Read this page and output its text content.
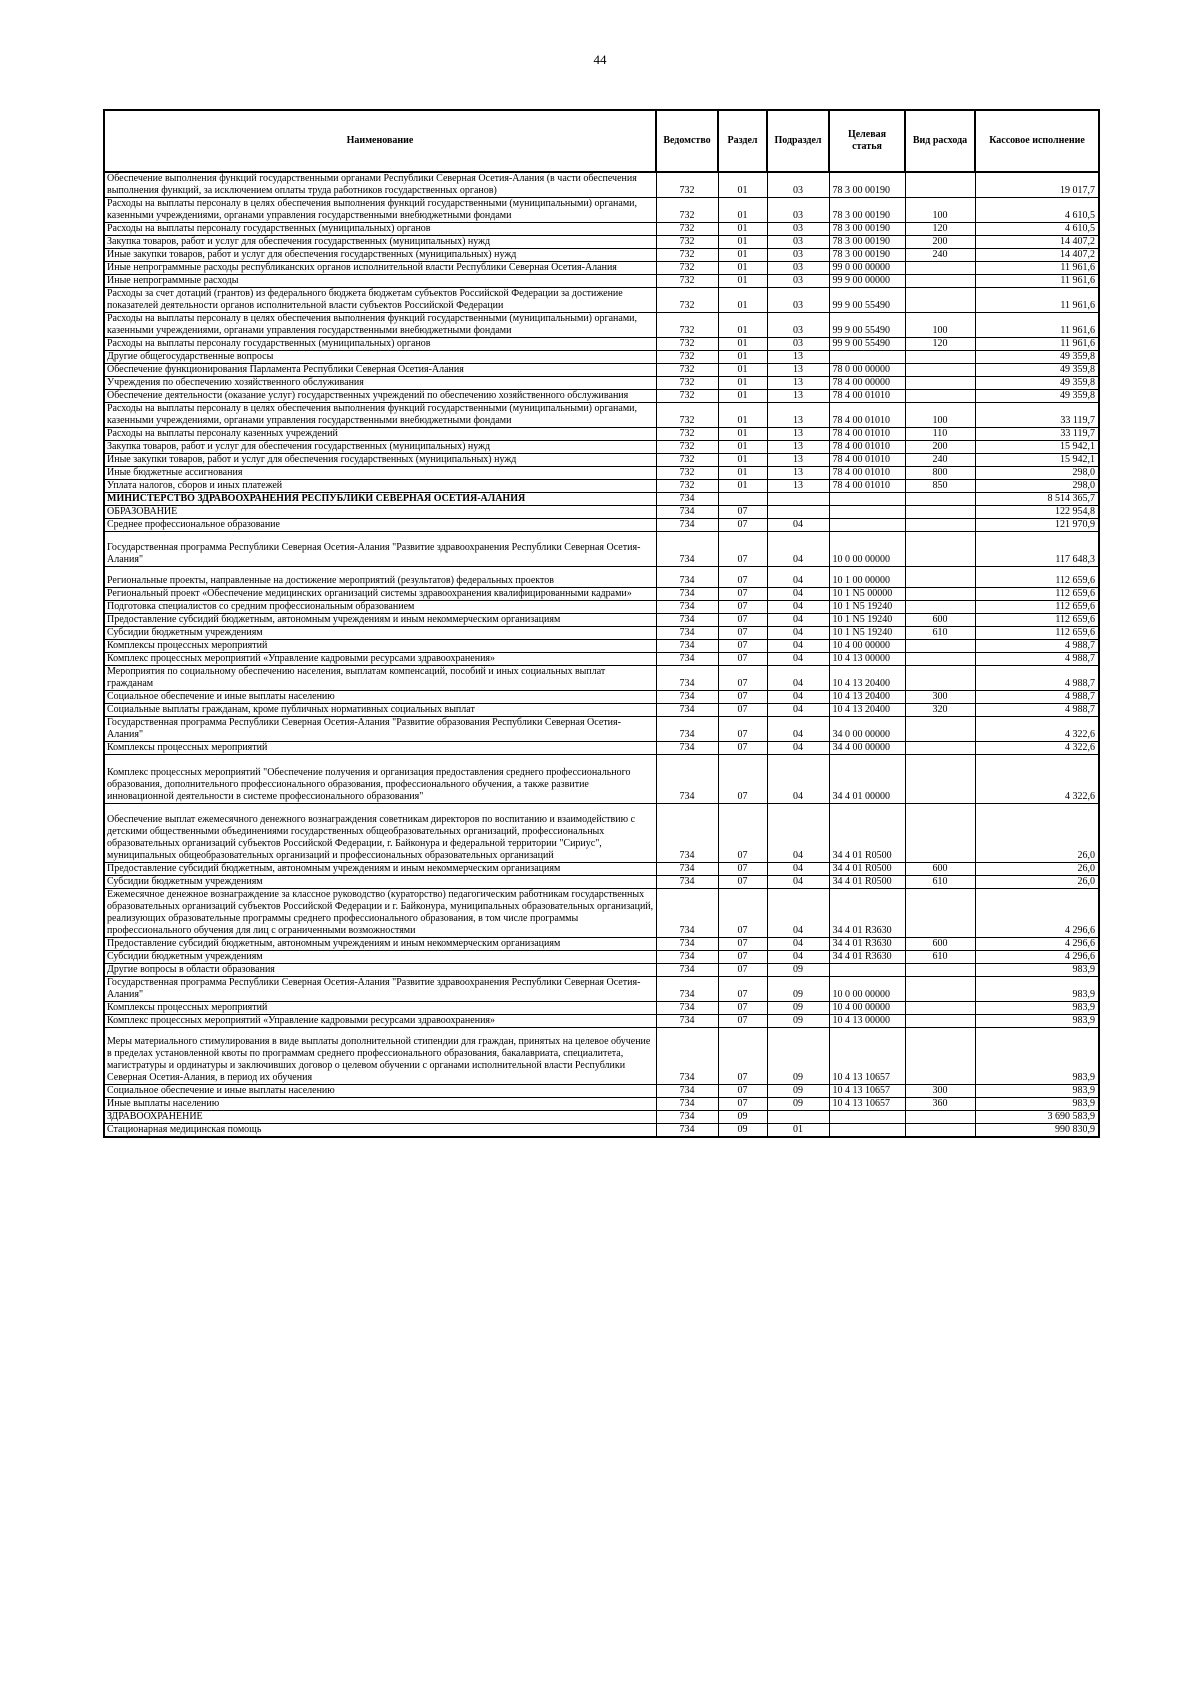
44
Наименование	Ведомство	Раздел	Подраздел	Целевая статья	Вид расхода	Кассовое исполнение
Обеспечение выполнения функций государственными органами Республики Северная Осетия-Алания (в части обеспечения выполнения функций, за исключением оплаты труда работников государственных органов)	732	01	03	78 3 00 00190		19 017,7
Расходы на выплаты персоналу в целях обеспечения выполнения функций государственными (муниципальными) органами, казенными учреждениями, органами управления государственными внебюджетными фондами	732	01	03	78 3 00 00190	100	4 610,5
Расходы на выплаты персоналу государственных (муниципальных) органов	732	01	03	78 3 00 00190	120	4 610,5
Закупка товаров, работ и услуг для обеспечения государственных (муниципальных) нужд	732	01	03	78 3 00 00190	200	14 407,2
Иные закупки товаров, работ и услуг для обеспечения государственных (муниципальных) нужд	732	01	03	78 3 00 00190	240	14 407,2
Иные непрограммные расходы республиканских органов исполнительной власти Республики Северная Осетия-Алания	732	01	03	99 0 00 00000		11 961,6
Иные непрограммные расходы	732	01	03	99 9 00 00000		11 961,6
Расходы за счет дотаций (грантов) из федерального бюджета бюджетам субъектов Российской Федерации за достижение показателей деятельности органов исполнительной власти субъектов Российской Федерации	732	01	03	99 9 00 55490		11 961,6
Расходы на выплаты персоналу в целях обеспечения выполнения функций государственными (муниципальными) органами, казенными учреждениями, органами управления государственными внебюджетными фондами	732	01	03	99 9 00 55490	100	11 961,6
Расходы на выплаты персоналу государственных (муниципальных) органов	732	01	03	99 9 00 55490	120	11 961,6
Другие общегосударственные вопросы	732	01	13			49 359,8
Обеспечение функционирования Парламента Республики Северная Осетия-Алания	732	01	13	78 0 00 00000		49 359,8
Учреждения по обеспечению хозяйственного обслуживания	732	01	13	78 4 00 00000		49 359,8
Обеспечение деятельности (оказание услуг) государственных учреждений по обеспечению хозяйственного обслуживания	732	01	13	78 4 00 01010		49 359,8
Расходы на выплаты персоналу в целях обеспечения выполнения функций государственными (муниципальными) органами, казенными учреждениями, органами управления государственными внебюджетными фондами	732	01	13	78 4 00 01010	100	33 119,7
Расходы на выплаты персоналу казенных учреждений	732	01	13	78 4 00 01010	110	33 119,7
Закупка товаров, работ и услуг для обеспечения государственных (муниципальных) нужд	732	01	13	78 4 00 01010	200	15 942,1
Иные закупки товаров, работ и услуг для обеспечения государственных (муниципальных) нужд	732	01	13	78 4 00 01010	240	15 942,1
Иные бюджетные ассигнования	732	01	13	78 4 00 01010	800	298,0
Уплата налогов, сборов и иных платежей	732	01	13	78 4 00 01010	850	298,0
МИНИСТЕРСТВО ЗДРАВООХРАНЕНИЯ РЕСПУБЛИКИ СЕВЕРНАЯ ОСЕТИЯ-АЛАНИЯ	734					8 514 365,7
ОБРАЗОВАНИЕ	734	07				122 954,8
Среднее профессиональное образование	734	07	04			121 970,9
Государственная программа Республики Северная Осетия-Алания "Развитие здравоохранения Республики Северная Осетия-Алания"	734	07	04	10 0 00 00000		117 648,3
Региональные проекты, направленные на достижение мероприятий (результатов) федеральных проектов	734	07	04	10 1 00 00000		112 659,6
Региональный проект «Обеспечение медицинских организаций системы здравоохранения квалифицированными кадрами»	734	07	04	10 1 N5 00000		112 659,6
Подготовка специалистов со средним профессиональным образованием	734	07	04	10 1 N5 19240		112 659,6
Предоставление субсидий бюджетным, автономным учреждениям и иным некоммерческим организациям	734	07	04	10 1 N5 19240	600	112 659,6
Субсидии бюджетным учреждениям	734	07	04	10 1 N5 19240	610	112 659,6
Комплексы процессных мероприятий	734	07	04	10 4 00 00000		4 988,7
Комплекс процессных мероприятий «Управление кадровыми ресурсами здравоохранения»	734	07	04	10 4 13 00000		4 988,7
Мероприятия по социальному обеспечению населения, выплатам компенсаций, пособий и иных социальных выплат гражданам	734	07	04	10 4 13 20400		4 988,7
Социальное обеспечение и иные выплаты населению	734	07	04	10 4 13 20400	300	4 988,7
Социальные выплаты гражданам, кроме публичных нормативных социальных выплат	734	07	04	10 4 13 20400	320	4 988,7
Государственная программа Республики Северная Осетия-Алания "Развитие образования Республики Северная Осетия-Алания"	734	07	04	34 0 00 00000		4 322,6
Комплексы процессных мероприятий	734	07	04	34 4 00 00000		4 322,6
Комплекс процессных мероприятий "Обеспечение получения и организация предоставления среднего профессионального образования, дополнительного профессионального образования, профессионального обучения, а также развитие инновационной деятельности в системе профессионального образования"	734	07	04	34 4 01 00000		4 322,6
Обеспечение выплат ежемесячного денежного вознаграждения советникам директоров по воспитанию и взаимодействию с детскими общественными объединениями государственных общеобразовательных организаций, профессиональных образовательных организаций субъектов Российской Федерации, г. Байконура и федеральной территории "Сириус", муниципальных общеобразовательных организаций и профессиональных образовательных организаций	734	07	04	34 4 01 R0500		26,0
Предоставление субсидий бюджетным, автономным учреждениям и иным некоммерческим организациям	734	07	04	34 4 01 R0500	600	26,0
Субсидии бюджетным учреждениям	734	07	04	34 4 01 R0500	610	26,0
Ежемесячное денежное вознаграждение за классное руководство (кураторство) педагогическим работникам государственных образовательных организаций субъектов Российской Федерации и г. Байконура, муниципальных образовательных организаций, реализующих образовательные программы среднего профессионального образования, в том числе программы профессионального обучения для лиц с ограниченными возможностями	734	07	04	34 4 01 R3630		4 296,6
Предоставление субсидий бюджетным, автономным учреждениям и иным некоммерческим организациям	734	07	04	34 4 01 R3630	600	4 296,6
Субсидии бюджетным учреждениям	734	07	04	34 4 01 R3630	610	4 296,6
Другие вопросы в области образования	734	07	09			983,9
Государственная программа Республики Северная Осетия-Алания "Развитие здравоохранения Республики Северная Осетия-Алания"	734	07	09	10 0 00 00000		983,9
Комплексы процессных мероприятий	734	07	09	10 4 00 00000		983,9
Комплекс процессных мероприятий «Управление кадровыми ресурсами здравоохранения»	734	07	09	10 4 13 00000		983,9
Меры материального стимулирования в виде выплаты дополнительной стипендии для граждан, принятых на целевое обучение в пределах установленной квоты по программам среднего профессионального образования, бакалавриата, специалитета, магистратуры и ординатуры и заключивших договор о целевом обучении с органами исполнительной власти Республики Северная Осетия-Алания, в период их обучения	734	07	09	10 4 13 10657		983,9
Социальное обеспечение и иные выплаты населению	734	07	09	10 4 13 10657	300	983,9
Иные выплаты населению	734	07	09	10 4 13 10657	360	983,9
ЗДРАВООХРАНЕНИЕ	734	09				3 690 583,9
Стационарная медицинская помощь	734	09	01			990 830,9
